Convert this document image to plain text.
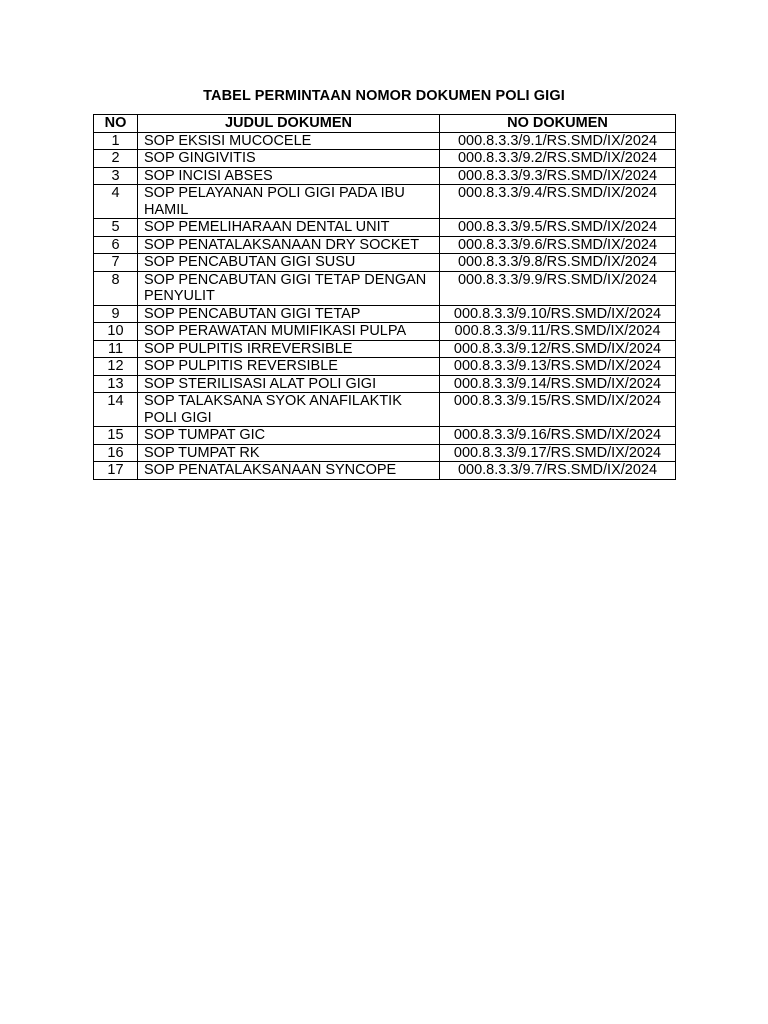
TABEL PERMINTAAN NOMOR DOKUMEN POLI GIGI
NO	JUDUL DOKUMEN	NO DOKUMEN
1	SOP EKSISI MUCOCELE	000.8.3.3/9.1/RS.SMD/IX/2024
2	SOP GINGIVITIS	000.8.3.3/9.2/RS.SMD/IX/2024
3	SOP INCISI ABSES	000.8.3.3/9.3/RS.SMD/IX/2024
4	SOP PELAYANAN POLI GIGI PADA IBU HAMIL	000.8.3.3/9.4/RS.SMD/IX/2024
5	SOP PEMELIHARAAN DENTAL UNIT	000.8.3.3/9.5/RS.SMD/IX/2024
6	SOP PENATALAKSANAAN DRY SOCKET	000.8.3.3/9.6/RS.SMD/IX/2024
7	SOP PENCABUTAN GIGI SUSU	000.8.3.3/9.8/RS.SMD/IX/2024
8	SOP PENCABUTAN GIGI TETAP DENGAN PENYULIT	000.8.3.3/9.9/RS.SMD/IX/2024
9	SOP PENCABUTAN GIGI TETAP	000.8.3.3/9.10/RS.SMD/IX/2024
10	SOP PERAWATAN MUMIFIKASI PULPA	000.8.3.3/9.11/RS.SMD/IX/2024
11	SOP PULPITIS IRREVERSIBLE	000.8.3.3/9.12/RS.SMD/IX/2024
12	SOP PULPITIS REVERSIBLE	000.8.3.3/9.13/RS.SMD/IX/2024
13	SOP STERILISASI ALAT POLI GIGI	000.8.3.3/9.14/RS.SMD/IX/2024
14	SOP TALAKSANA SYOK ANAFILAKTIK POLI GIGI	000.8.3.3/9.15/RS.SMD/IX/2024
15	SOP TUMPAT GIC	000.8.3.3/9.16/RS.SMD/IX/2024
16	SOP TUMPAT RK	000.8.3.3/9.17/RS.SMD/IX/2024
17	SOP PENATALAKSANAAN SYNCOPE	000.8.3.3/9.7/RS.SMD/IX/2024
